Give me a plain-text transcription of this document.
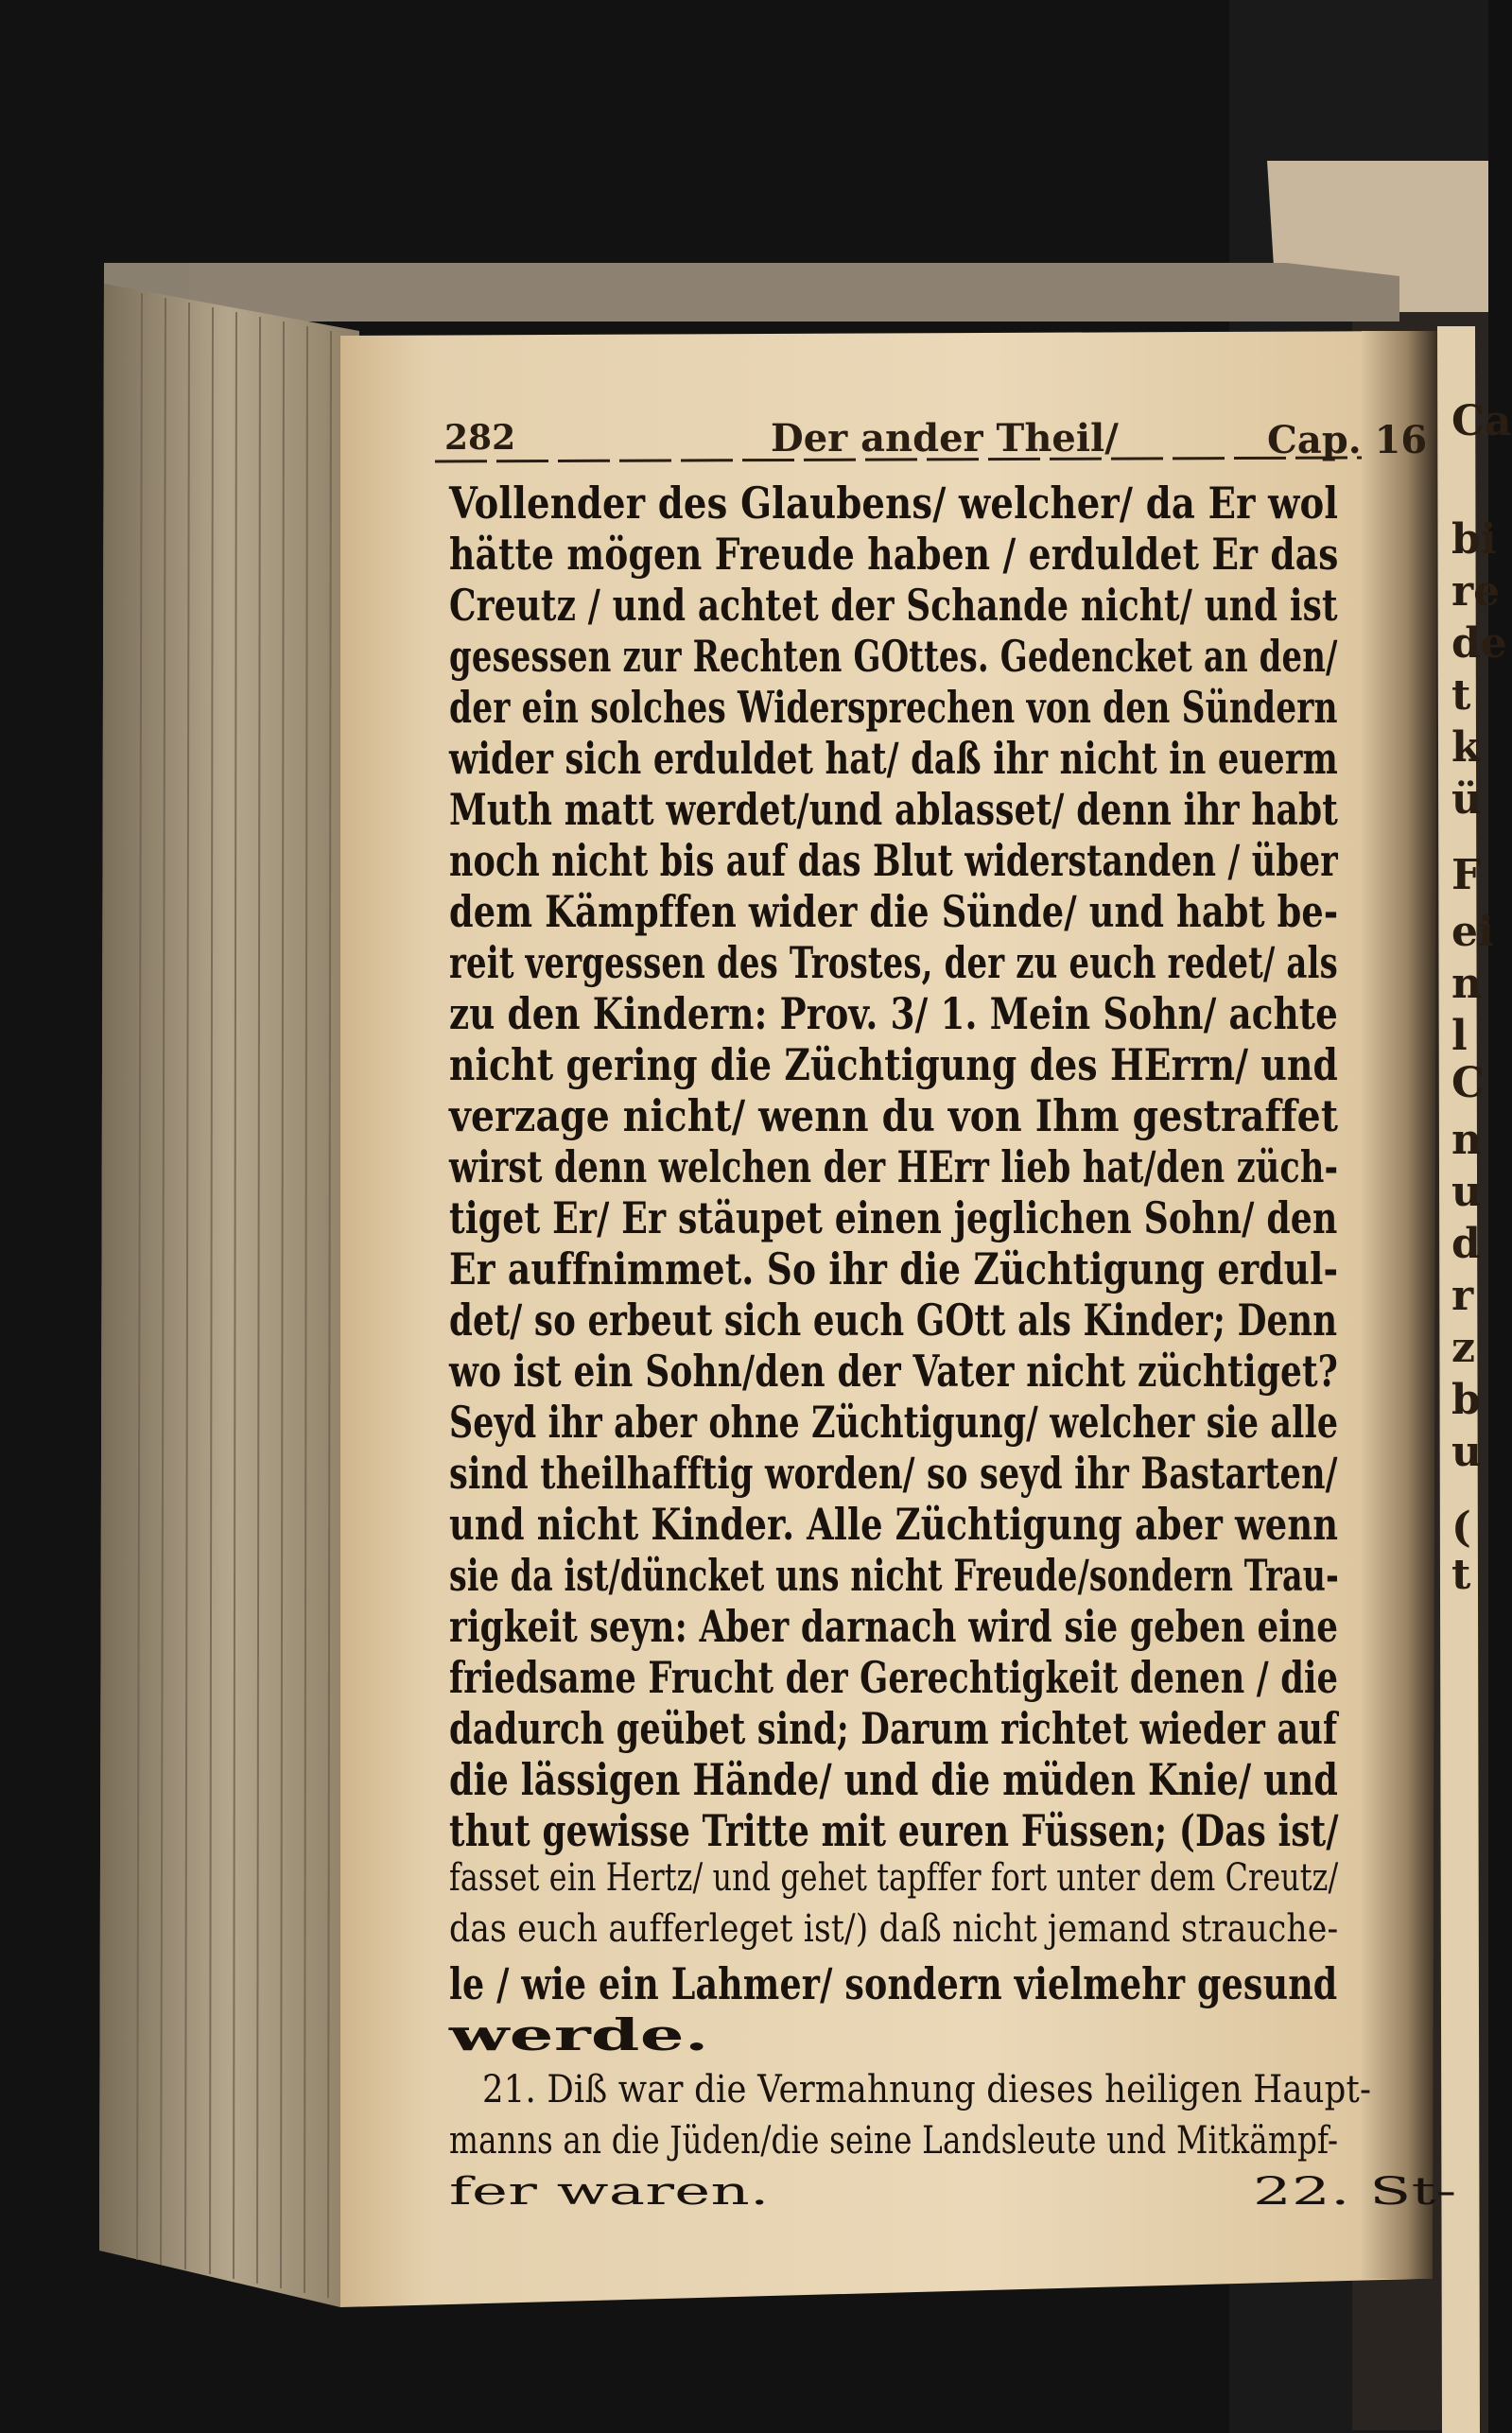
282	Der ander Theil/	Cap. 16
Vollender des Glaubens/ welcher/ da Er wol
hätte mögen Freude haben / erduldet Er das
Creutz / und achtet der Schande nicht/ und ist
gesessen zur Rechten GOttes. Gedencket an den/
der ein solches Widersprechen von den Sündern
wider sich erduldet hat/ daß ihr nicht in euerm
Muth matt werdet/und ablasset/ denn ihr habt
noch nicht bis auf das Blut widerstanden / über
dem Kämpffen wider die Sünde/ und habt be-
reit vergessen des Trostes, der zu euch redet/ als
zu den Kindern: Prov. 3/ 1. Mein Sohn/ achte
nicht gering die Züchtigung des HErrn/ und
verzage nicht/ wenn du von Ihm gestraffet
wirst denn welchen der HErr lieb hat/den züch-
tiget Er/ Er stäupet einen jeglichen Sohn/ den
Er auffnimmet. So ihr die Züchtigung erdul-
det/ so erbeut sich euch GOtt als Kinder; Denn
wo ist ein Sohn/den der Vater nicht züchtiget?
Seyd ihr aber ohne Züchtigung/ welcher sie alle
sind theilhafftig worden/ so seyd ihr Bastarten/
und nicht Kinder. Alle Züchtigung aber wenn
sie da ist/düncket uns nicht Freude/sondern Trau-
rigkeit seyn: Aber darnach wird sie geben eine
friedsame Frucht der Gerechtigkeit denen / die
dadurch geübet sind; Darum richtet wieder auf
die lässigen Hände/ und die müden Knie/ und
thut gewisse Tritte mit euren Füssen; (Das ist/
fasset ein Hertz/ und gehet tapffer fort unter dem Creutz/
das euch aufferleget ist/) daß nicht jemand strauche-
le / wie ein Lahmer/ sondern vielmehr gesund
werde.
21. Diß war die Vermahnung dieses heiligen Haupt-
manns an die Jüden/die seine Landsleute und Mitkämpf-
fer waren.	22. St-
Ca
bi
re
de
t
k
ü
F
ei
n
l
C
n
u
d
r
z
b
u
(
t
